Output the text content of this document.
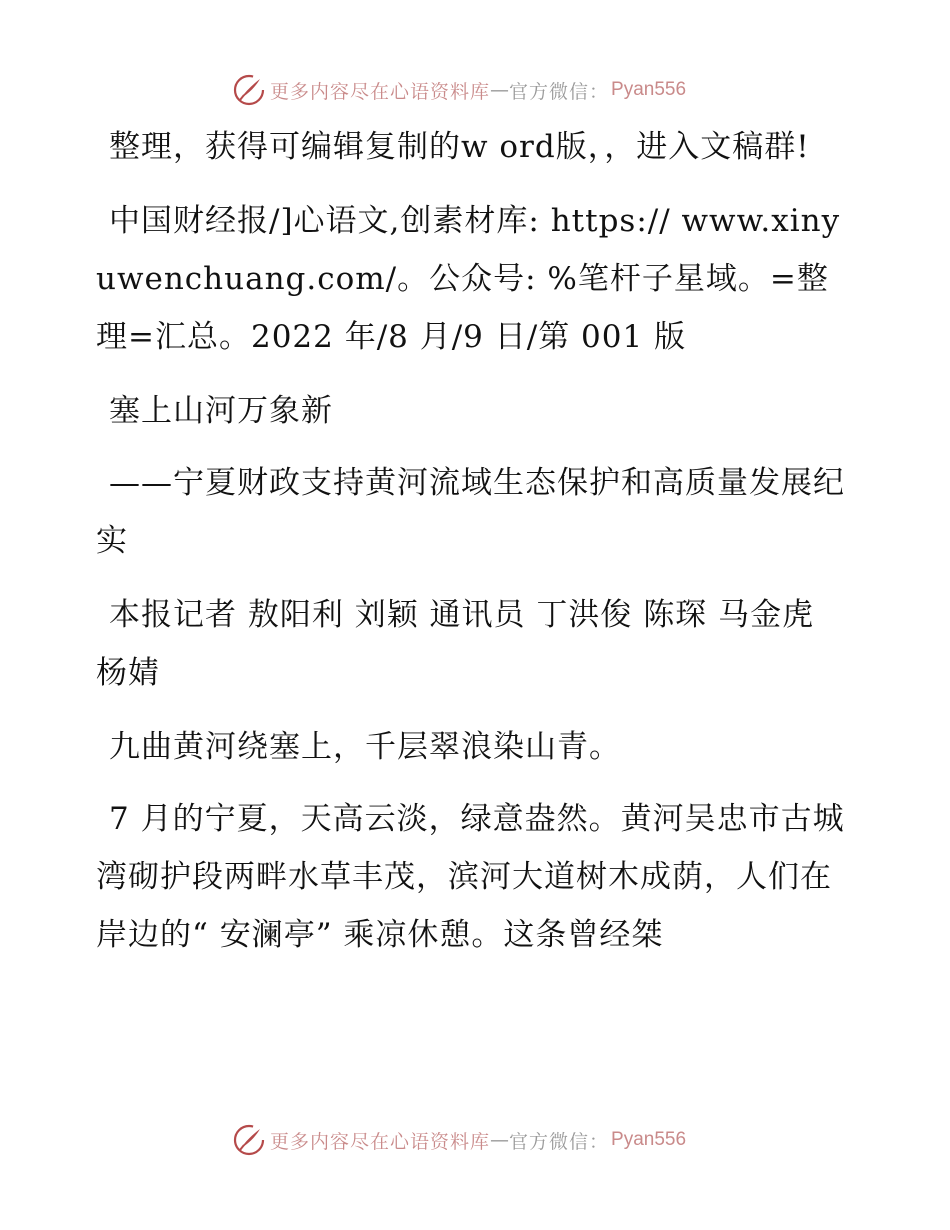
更多内容尽在心语资料库 — 官方微信： Pyan556

整理，获得可编辑复制的w ord版，，进入文稿群!

中国财经报/]心语文,创素材库: https:// www.xinyuwenchuang.com/。公众号: %笔杆子星域。=整理=汇总。2022 年/8 月/9 日/第 001 版

塞上山河万象新

——宁夏财政支持黄河流域生态保护和高质量发展纪实

本报记者 敖阳利 刘颖 通讯员 丁洪俊 陈琛 马金虎 杨婧

九曲黄河绕塞上，千层翠浪染山青。

7 月的宁夏，天高云淡，绿意盎然。黄河吴忠市古城湾砌护段两畔水草丰茂，滨河大道树木成荫，人们在岸边的“ 安澜亭” 乘凉休憩。这条曾经桀

更多内容尽在心语资料库 — 官方微信： Pyan556
